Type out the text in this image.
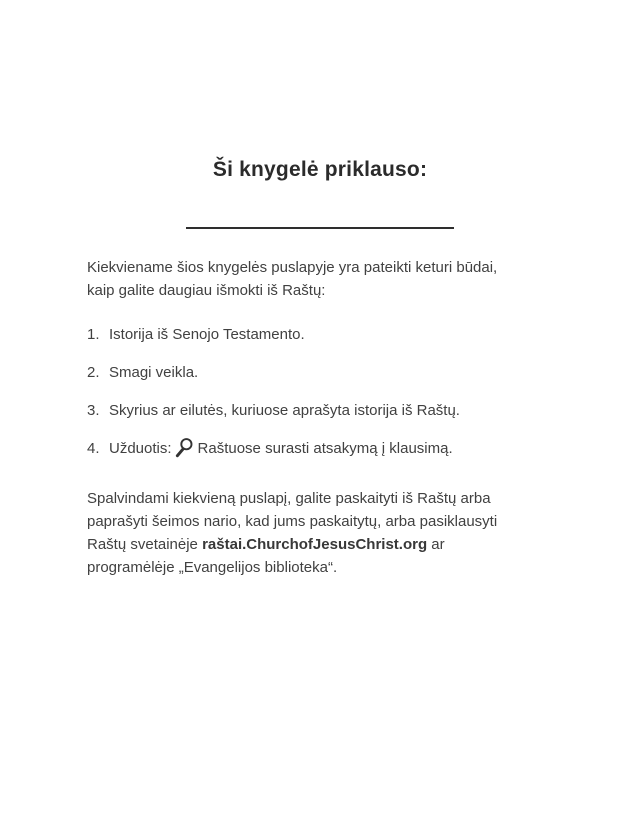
Ši knygelė priklauso:
Kiekviename šios knygelės puslapyje yra pateikti keturi būdai,
kaip galite daugiau išmokti iš Raštų:
1. Istorija iš Senojo Testamento.
2. Smagi veikla.
3. Skyrius ar eilutės, kuriuose aprašyta istorija iš Raštų.
4. Užduotis: Raštuose surasti atsakymą į klausimą.
Spalvindami kiekvieną puslapį, galite paskaityti iš Raštų arba
paprašyti šeimos nario, kad jums paskaitytų, arba pasiklausyti
Raštų svetainėje raštai.ChurchofJesusChrist.org ar
programėlėje „Evangelijos biblioteka“.
